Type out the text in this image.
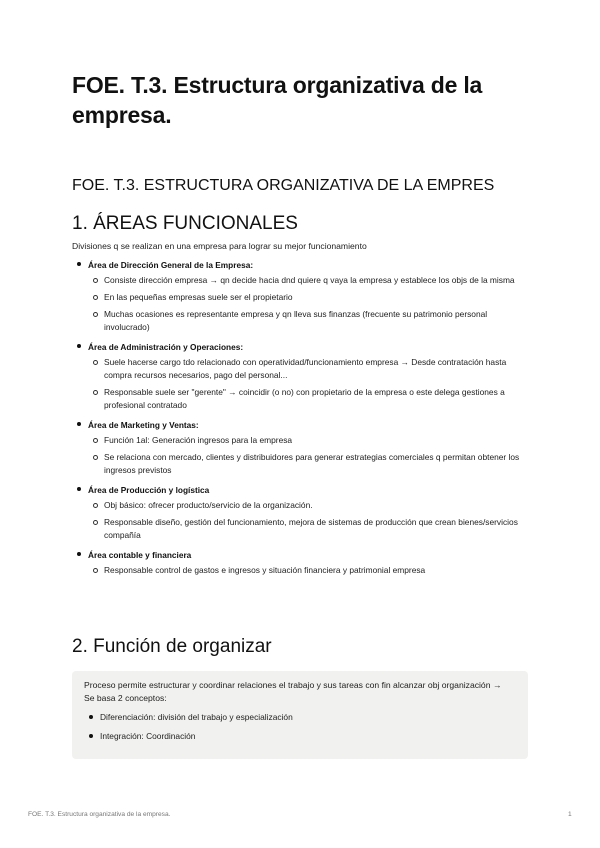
FOE. T.3. Estructura organizativa de la empresa.
FOE. T.3. ESTRUCTURA ORGANIZATIVA DE LA EMPRES
1. ÁREAS FUNCIONALES
Divisiones q se realizan en una empresa para lograr su mejor funcionamiento
Área de Dirección General de la Empresa:
Consiste dirección empresa → qn decide hacia dnd quiere q vaya la empresa y establece los objs de la misma
En las pequeñas empresas suele ser el propietario
Muchas ocasiones es representante empresa y qn lleva sus finanzas (frecuente su patrimonio personal involucrado)
Área de Administración y Operaciones:
Suele hacerse cargo tdo relacionado con operatividad/funcionamiento empresa → Desde contratación hasta compra recursos necesarios, pago del personal...
Responsable suele ser "gerente" → coincidir (o no) con propietario de la empresa o este delega gestiones a profesional contratado
Área de Marketing y Ventas:
Función 1al: Generación ingresos para la empresa
Se relaciona con mercado, clientes y distribuidores para generar estrategias comerciales q permitan obtener los ingresos previstos
Área de Producción y logística
Obj básico: ofrecer producto/servicio de la organización.
Responsable diseño, gestión del funcionamiento, mejora de sistemas de producción que crean bienes/servicios compañía
Área contable y financiera
Responsable control de gastos e ingresos y situación financiera y patrimonial empresa
2. Función de organizar
Proceso permite estructurar y coordinar relaciones el trabajo y sus tareas con fin alcanzar obj organización → Se basa 2 conceptos:
Diferenciación: división del trabajo y especialización
Integración: Coordinación
FOE. T.3. Estructura organizativa de la empresa.	1
